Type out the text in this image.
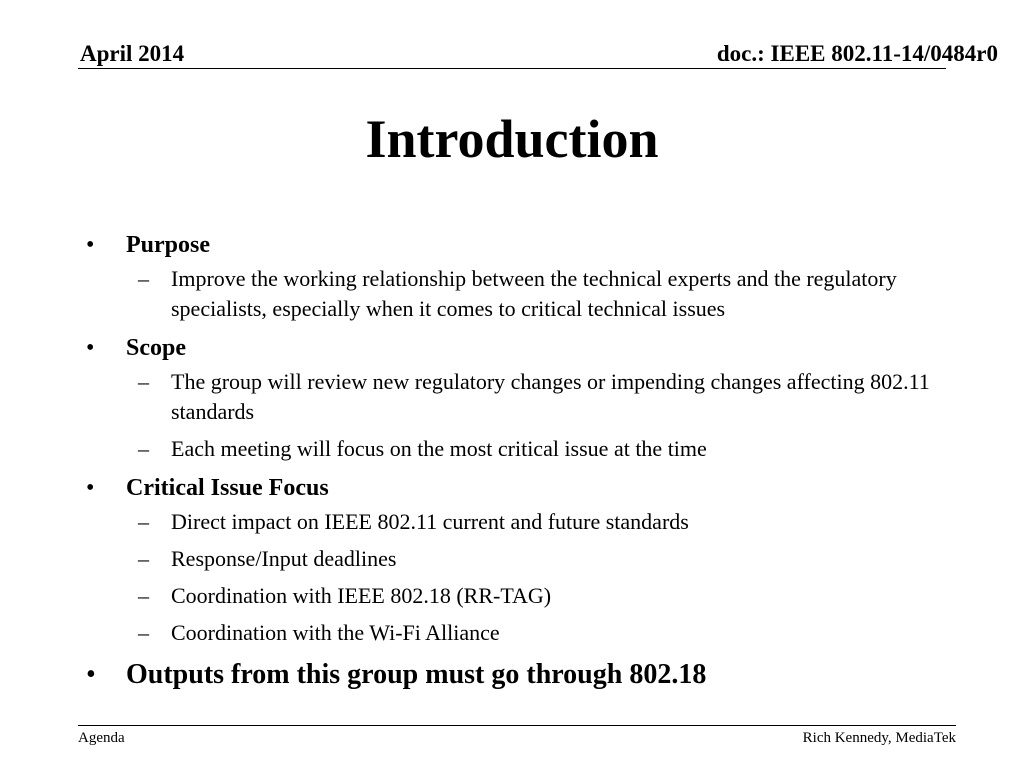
April 2014	doc.: IEEE 802.11-14/0484r0
Introduction
• Purpose
– Improve the working relationship between the technical experts and the regulatory specialists, especially when it comes to critical technical issues
• Scope
– The group will review new regulatory changes or impending changes affecting 802.11 standards
– Each meeting will focus on the most critical issue at the time
• Critical Issue Focus
– Direct impact on IEEE 802.11 current and future standards
– Response/Input deadlines
– Coordination with IEEE 802.18 (RR-TAG)
– Coordination with the Wi-Fi Alliance
• Outputs from this group must go through 802.18
Agenda	Rich Kennedy, MediaTek
